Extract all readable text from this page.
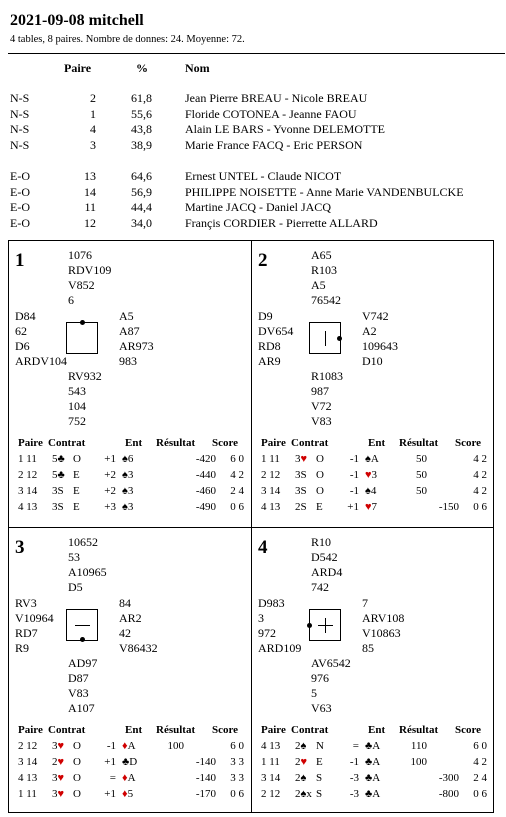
2021-09-08 mitchell
4 tables, 8 paires. Nombre de donnes: 24. Moyenne: 72.
Paire	%	Nom
N-S	2	61,8	Jean Pierre BREAU - Nicole BREAU
N-S	1	55,6	Floride COTONEA - Jeanne FAOU
N-S	4	43,8	Alain LE BARS - Yvonne DELEMOTTE
N-S	3	38,9	Marie France FACQ - Eric PERSON
E-O	13	64,6	Ernest UNTEL - Claude NICOT
E-O	14	56,9	PHILIPPE NOISETTE - Anne Marie VANDENBULCKE
E-O	11	44,4	Martine JACQ - Daniel JACQ
E-O	12	34,0	Françis CORDIER - Pierrette ALLARD
1	1076
RDV109
V852
6
D84
62
D6
ARDV104
A5
A87
AR973
983
RV932
543
104
752
Paire Contrat	Ent Résultat Score
1 11 5♣ O	+1 ♠6	-420	6 0
2 12 5♣ E	+2 ♠3	-440	4 2
3 14 3S E	+2 ♠3	-460	2 4
4 13 3S E	+3 ♠3	-490	0 6
2	A65
R103
A5
76542
D9
DV654
RD8
AR9
V742
A2
109643
D10
R1083
987
V72
V83
Paire Contrat	Ent Résultat Score
1 11 3♥ O	-1 ♠A	50	4 2
2 12 3S O	-1 ♥3	50	4 2
3 14 3S O	-1 ♠4	50	4 2
4 13 2S E	+1 ♥7	-150	0 6
3	10652
53
A10965
D5
RV3
V10964
RD7
R9
84
AR2
42
V86432
AD97
D87
V83
A107
Paire Contrat	Ent Résultat Score
2 12 3♥ O	-1 ♦A	100	6 0
3 14 2♥ O	+1 ♣D	-140	3 3
4 13 3♥ O	= ♦A	-140	3 3
1 11 3♥ O	+1 ♦5	-170	0 6
4	R10
D542
ARD4
742
D983
3
972
ARD109
7
ARV108
V10863
85
AV6542
976
5
V63
Paire Contrat	Ent Résultat Score
4 13 2♠ N	= ♣A	110	6 0
1 11 2♥ E	-1 ♣A	100	4 2
3 14 2♠ S	-3 ♣A	-300	2 4
2 12 2♠x S	-3 ♣A	-800	0 6
